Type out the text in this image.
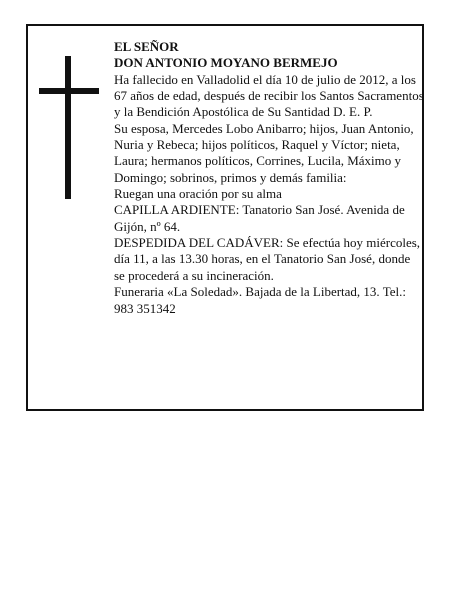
EL SEÑOR

DON ANTONIO MOYANO BERMEJO

Ha fallecido en Valladolid el día 10 de julio de 2012, a los 67 años de edad, después de recibir los Santos Sacramentos y la Bendición Apostólica de Su Santidad D. E. P.

Su esposa, Mercedes Lobo Anibarro; hijos, Juan Antonio, Nuria y Rebeca; hijos políticos, Raquel y Víctor; nieta, Laura; hermanos políticos, Corrines, Lucila, Máximo y Domingo; sobrinos, primos y demás familia:

Ruegan una oración por su alma

CAPILLA ARDIENTE: Tanatorio San José. Avenida de Gijón, nº 64.

DESPEDIDA DEL CADÁVER: Se efectúa hoy miércoles, día 11, a las 13.30 horas, en el Tanatorio San José, donde se procederá a su incineración.

Funeraria «La Soledad». Bajada de la Libertad, 13. Tel.: 983 351342
